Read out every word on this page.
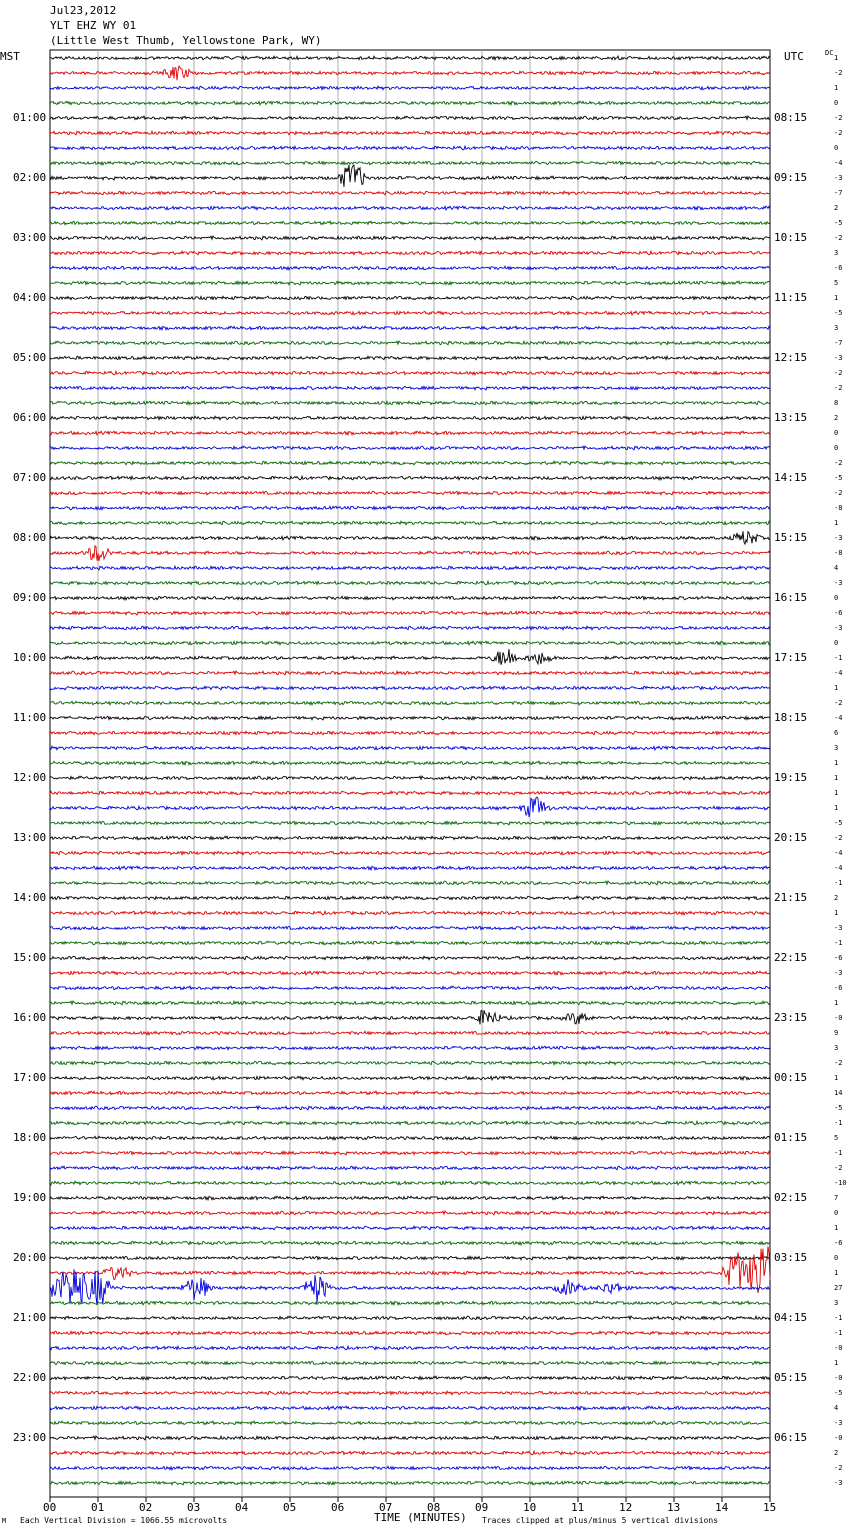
Jul23,2012
YLT EHZ WY 01
(Little West Thumb, Yellowstone Park, WY)
MST	UTC	DC
01:00
02:00
03:00
04:00
05:00
06:00
07:00
08:00
09:00
10:00
11:00
12:00
13:00
14:00
15:00
16:00
17:00
18:00
19:00
20:00
21:00
22:00
23:00
08:15
09:15
10:15
11:15
12:15
13:15
14:15
15:15
16:15
17:15
18:15
19:15
20:15
21:15
22:15
23:15
00:15
01:15
02:15
03:15
04:15
05:15
06:15
1
-2
1
0
-2
-2
0
-4
-3
-7
2
-5
-2
3
-6
5
1
-5
3
-7
-3
-2
-2
8
2
0
0
-2
-5
-2
-8
1
-3
-8
4
-3
0
-6
-3
0
-1
-4
1
-2
-4
6
3
1
1
1
1
-5
-2
-4
-4
-1
2
1
-3
-1
-6
-3
-6
1
-0
9
3
-2
1
14
-5
-1
5
-1
-2
-10
7
0
1
-6
0
1
27
3
-1
-1
-0
1
-0
-5
4
-3
-0
2
-2
-3
00	01	02	03	04	05	06	07	08	09	10	11	12	13	14	15
M Each Vertical Division = 1066.55 microvolts	TIME (MINUTES) Traces clipped at plus/minus 5 vertical divisions
